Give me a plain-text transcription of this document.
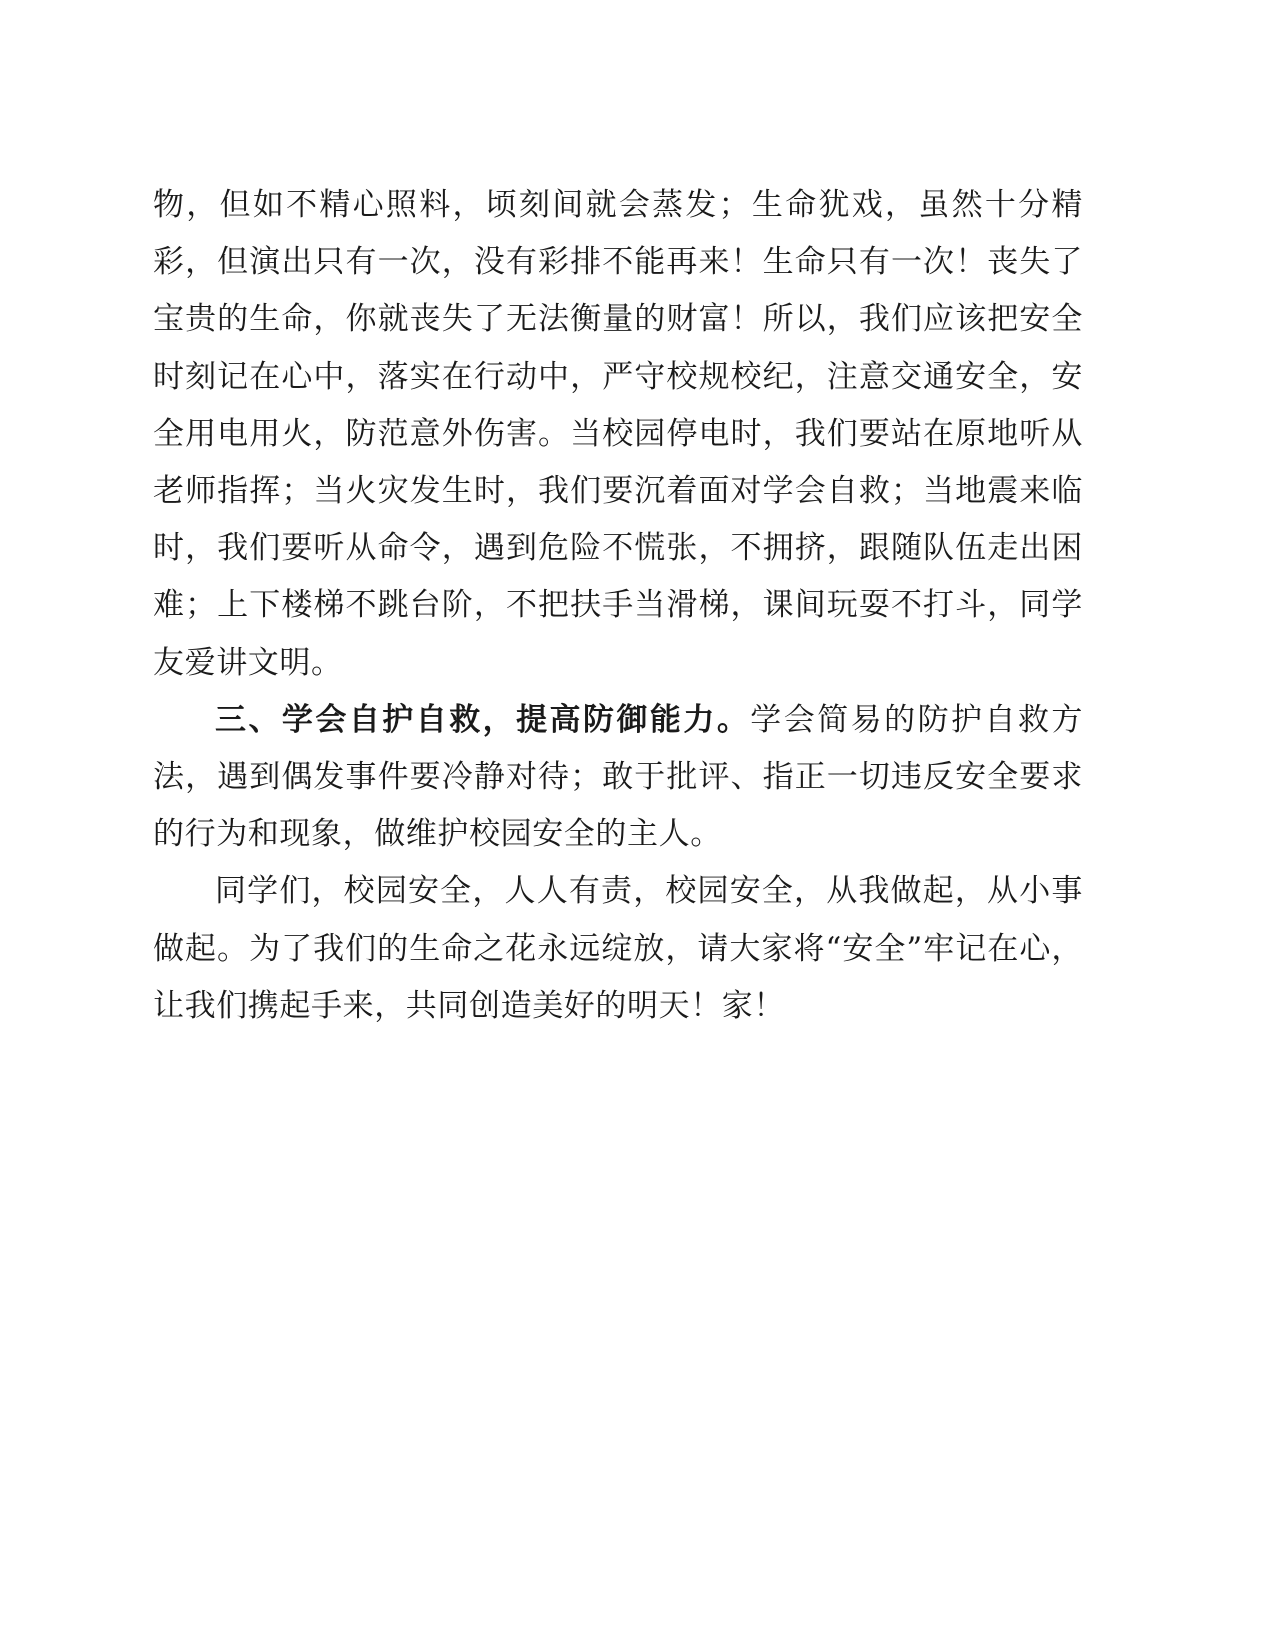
物，但如不精心照料，顷刻间就会蒸发；生命犹戏，虽然十分精彩，但演出只有一次，没有彩排不能再来！生命只有一次！丧失了宝贵的生命，你就丧失了无法衡量的财富！所以，我们应该把安全时刻记在心中，落实在行动中，严守校规校纪，注意交通安全，安全用电用火，防范意外伤害。当校园停电时，我们要站在原地听从老师指挥；当火灾发生时，我们要沉着面对学会自救；当地震来临时，我们要听从命令，遇到危险不慌张，不拥挤，跟随队伍走出困难；上下楼梯不跳台阶，不把扶手当滑梯，课间玩耍不打斗，同学友爱讲文明。

三、学会自护自救，提高防御能力。学会简易的防护自救方法，遇到偶发事件要冷静对待；敢于批评、指正一切违反安全要求的行为和现象，做维护校园安全的主人。

同学们，校园安全，人人有责，校园安全，从我做起，从小事做起。为了我们的生命之花永远绽放，请大家将“安全”牢记在心，让我们携起手来，共同创造美好的明天！家！
